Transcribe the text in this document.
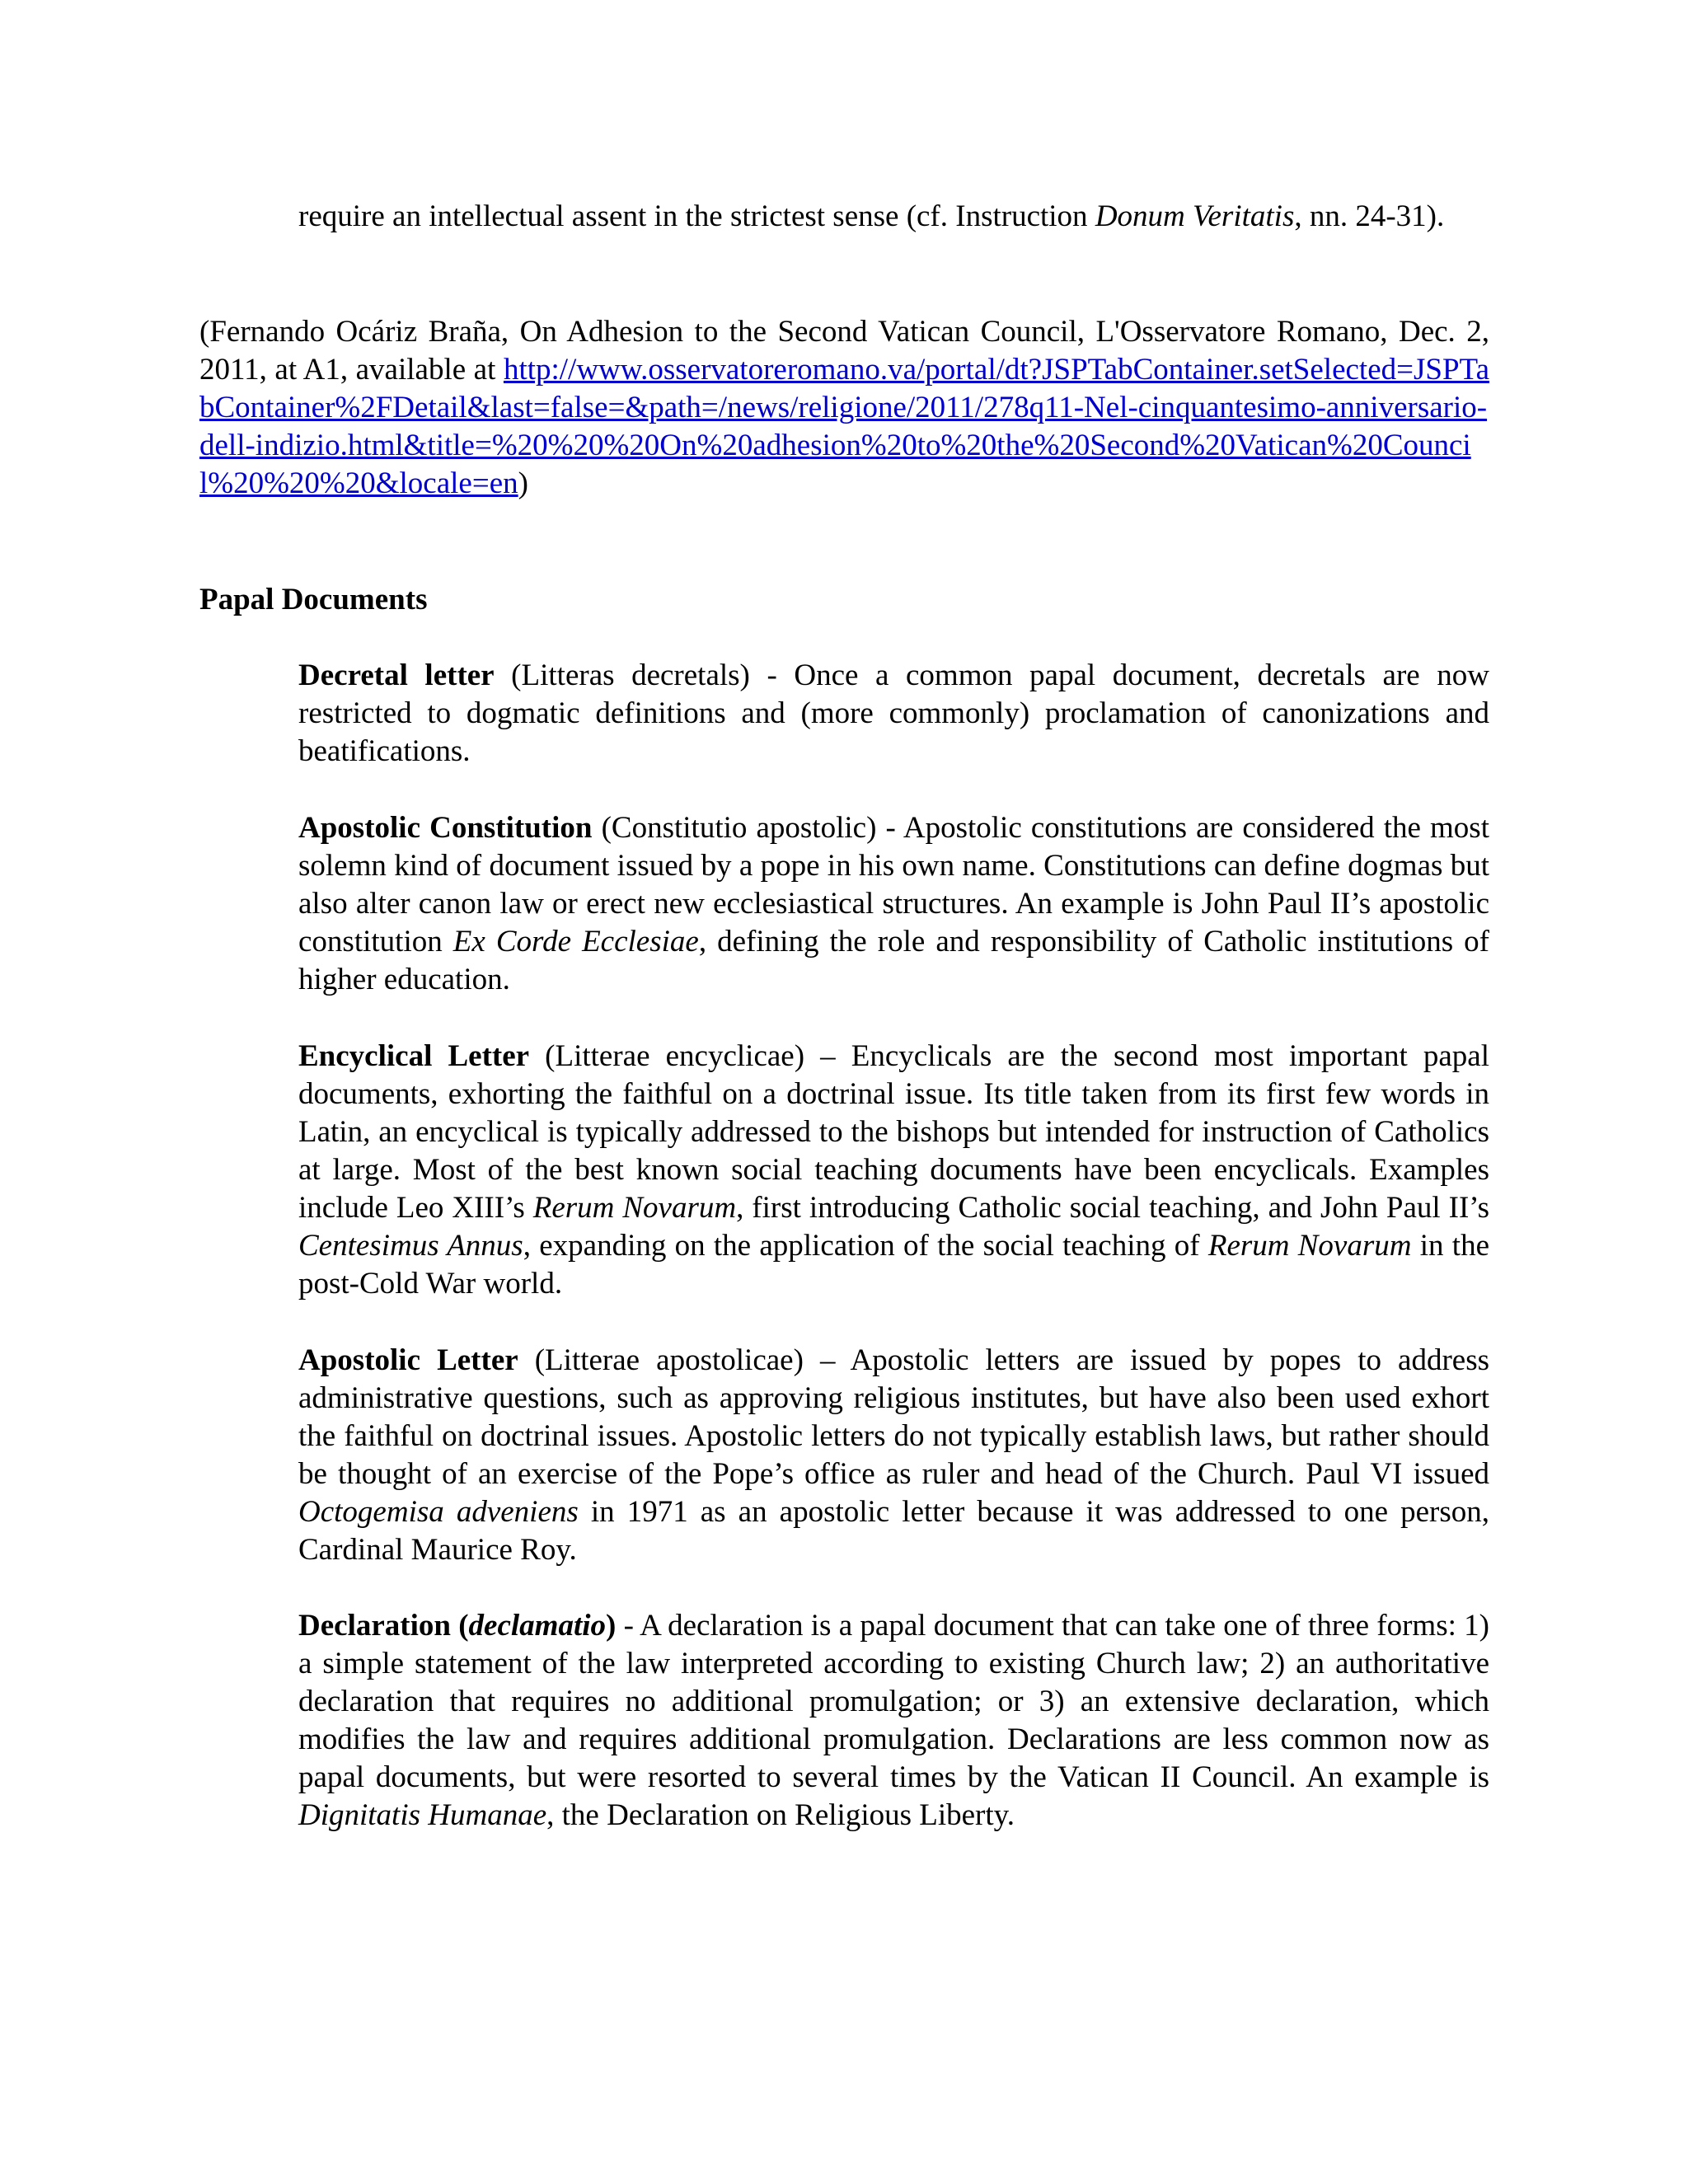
require an intellectual assent in the strictest sense (cf. Instruction Donum Veritatis, nn. 24-31).

(Fernando Ocáriz Braña, On Adhesion to the Second Vatican Council, L'Osservatore Romano, Dec. 2, 2011, at A1, available at http://www.osservatoreromano.va/portal/dt?JSPTabContainer.setSelected=JSPTabContainer%2FDetail&last=false=&path=/news/religione/2011/278q11-Nel-cinquantesimo-anniversario-dell-indizio.html&title=%20%20%20On%20adhesion%20to%20the%20Second%20Vatican%20Council%20%20%20&locale=en)

Papal Documents

Decretal letter (Litteras decretals) - Once a common papal document, decretals are now restricted to dogmatic definitions and (more commonly) proclamation of canonizations and beatifications.

Apostolic Constitution (Constitutio apostolic) - Apostolic constitutions are considered the most solemn kind of document issued by a pope in his own name. Constitutions can define dogmas but also alter canon law or erect new ecclesiastical structures. An example is John Paul II’s apostolic constitution Ex Corde Ecclesiae, defining the role and responsibility of Catholic institutions of higher education.

Encyclical Letter (Litterae encyclicae) – Encyclicals are the second most important papal documents, exhorting the faithful on a doctrinal issue. Its title taken from its first few words in Latin, an encyclical is typically addressed to the bishops but intended for instruction of Catholics at large. Most of the best known social teaching documents have been encyclicals. Examples include Leo XIII’s Rerum Novarum, first introducing Catholic social teaching, and John Paul II’s Centesimus Annus, expanding on the application of the social teaching of Rerum Novarum in the post-Cold War world.

Apostolic Letter (Litterae apostolicae) – Apostolic letters are issued by popes to address administrative questions, such as approving religious institutes, but have also been used exhort the faithful on doctrinal issues. Apostolic letters do not typically establish laws, but rather should be thought of an exercise of the Pope’s office as ruler and head of the Church. Paul VI issued Octogemisa adveniens in 1971 as an apostolic letter because it was addressed to one person, Cardinal Maurice Roy.

Declaration (declamatio) - A declaration is a papal document that can take one of three forms: 1) a simple statement of the law interpreted according to existing Church law; 2) an authoritative declaration that requires no additional promulgation; or 3) an extensive declaration, which modifies the law and requires additional promulgation. Declarations are less common now as papal documents, but were resorted to several times by the Vatican II Council. An example is Dignitatis Humanae, the Declaration on Religious Liberty.
